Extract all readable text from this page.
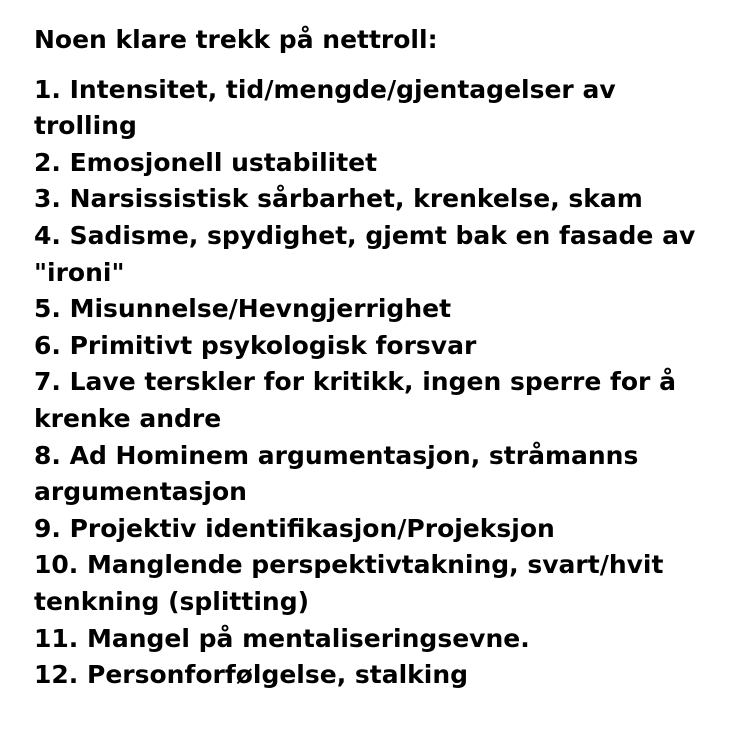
Noen klare trekk på nettroll:
1. Intensitet, tid/mengde/gjentagelser av trolling
2. Emosjonell ustabilitet
3. Narsissistisk sårbarhet, krenkelse, skam
4. Sadisme, spydighet, gjemt bak en fasade av "ironi"
5. Misunnelse/Hevngjerrighet
6. Primitivt psykologisk forsvar
7. Lave terskler for kritikk, ingen sperre for å krenke andre
8. Ad Hominem argumentasjon, stråmanns argumentasjon
9. Projektiv identifikasjon/Projeksjon
10. Manglende perspektivtakning, svart/hvit tenkning (splitting)
11. Mangel på mentaliseringsevne.
12. Personforfølgelse, stalking
